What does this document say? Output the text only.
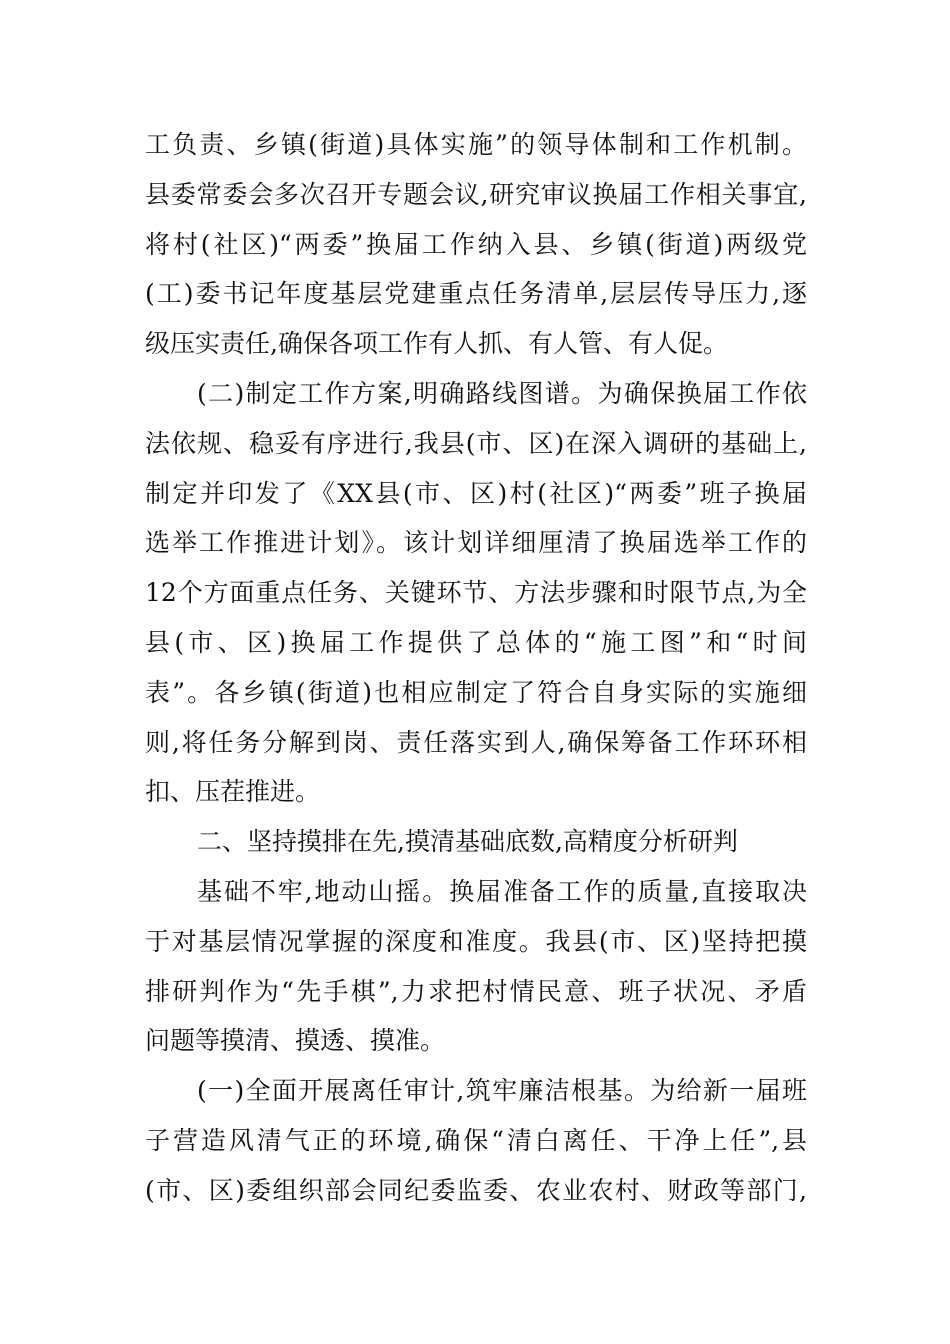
工负责、乡镇(街道)具体实施”的领导体制和工作机制。
县委常委会多次召开专题会议,研究审议换届工作相关事宜,
将村(社区)“两委”换届工作纳入县、乡镇(街道)两级党
(工)委书记年度基层党建重点任务清单,层层传导压力,逐
级压实责任,确保各项工作有人抓、有人管、有人促。
(二)制定工作方案,明确路线图谱。为确保换届工作依
法依规、稳妥有序进行,我县(市、区)在深入调研的基础上,
制定并印发了《XX县(市、区)村(社区)“两委”班子换届
选举工作推进计划》。该计划详细厘清了换届选举工作的
12个方面重点任务、关键环节、方法步骤和时限节点,为全
县(市、区)换届工作提供了总体的“施工图”和“时间
表”。各乡镇(街道)也相应制定了符合自身实际的实施细
则,将任务分解到岗、责任落实到人,确保筹备工作环环相
扣、压茬推进。
二、坚持摸排在先,摸清基础底数,高精度分析研判
基础不牢,地动山摇。换届准备工作的质量,直接取决
于对基层情况掌握的深度和准度。我县(市、区)坚持把摸
排研判作为“先手棋”,力求把村情民意、班子状况、矛盾
问题等摸清、摸透、摸准。
(一)全面开展离任审计,筑牢廉洁根基。为给新一届班
子营造风清气正的环境,确保“清白离任、干净上任”,县
(市、区)委组织部会同纪委监委、农业农村、财政等部门,
